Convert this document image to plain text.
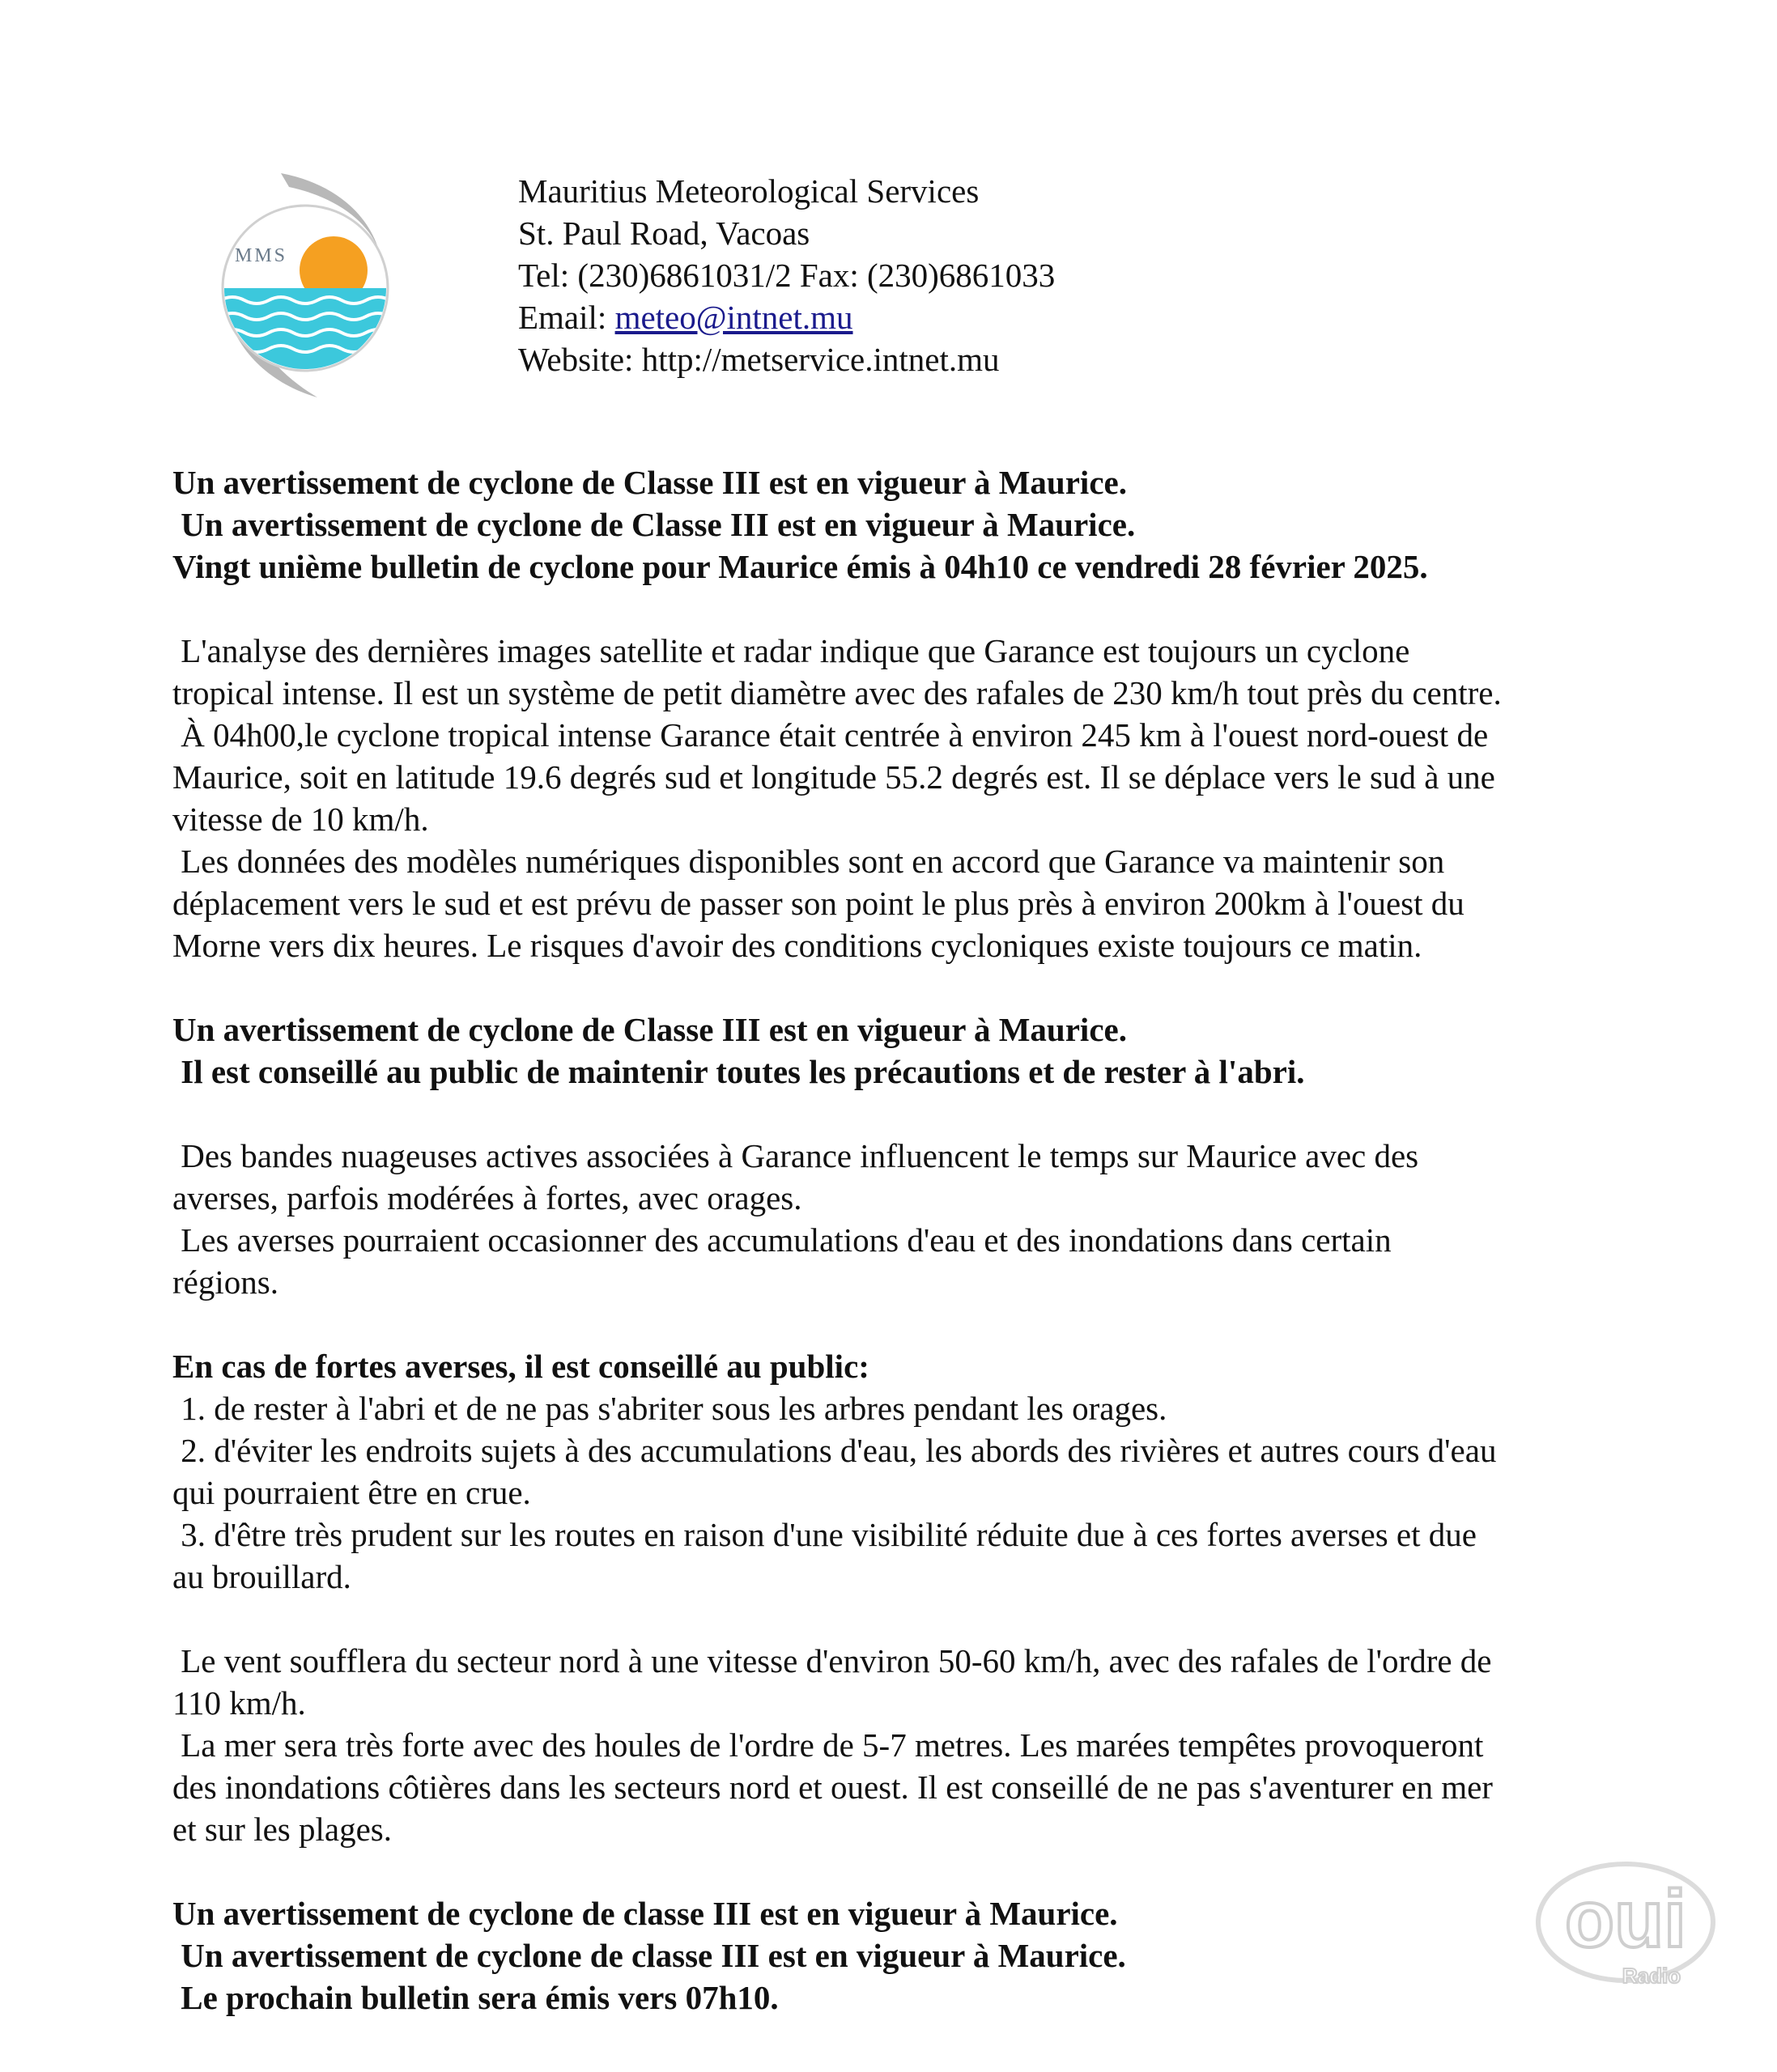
MMS
Mauritius Meteorological Services
St. Paul Road, Vacoas
Tel: (230)6861031/2 Fax: (230)6861033
Email: meteo@intnet.mu
Website: http://metservice.intnet.mu
Un avertissement de cyclone de Classe III est en vigueur à Maurice.
Un avertissement de cyclone de Classe III est en vigueur à Maurice.
Vingt unième bulletin de cyclone pour Maurice émis à 04h10 ce vendredi 28 février 2025.
L'analyse des dernières images satellite et radar indique que Garance est toujours un cyclone
tropical intense. Il est un système de petit diamètre avec des rafales de 230 km/h tout près du centre.
À 04h00,le cyclone tropical intense Garance était centrée à environ 245 km à l'ouest nord-ouest de
Maurice, soit en latitude 19.6 degrés sud et longitude 55.2 degrés est. Il se déplace vers le sud à une
vitesse de 10 km/h.
Les données des modèles numériques disponibles sont en accord que Garance va maintenir son
déplacement vers le sud et est prévu de passer son point le plus près à environ 200km à l'ouest du
Morne vers dix heures. Le risques d'avoir des conditions cycloniques existe toujours ce matin.
Un avertissement de cyclone de Classe III est en vigueur à Maurice.
Il est conseillé au public de maintenir toutes les précautions et de rester à l'abri.
Des bandes nuageuses actives associées à Garance influencent le temps sur Maurice avec des
averses, parfois modérées à fortes, avec orages.
Les averses pourraient occasionner des accumulations d'eau et des inondations dans certain
régions.
En cas de fortes averses, il est conseillé au public:
1. de rester à l'abri et de ne pas s'abriter sous les arbres pendant les orages.
2. d'éviter les endroits sujets à des accumulations d'eau, les abords des rivières et autres cours d'eau
qui pourraient être en crue.
3. d'être très prudent sur les routes en raison d'une visibilité réduite due à ces fortes averses et due
au brouillard.
Le vent soufflera du secteur nord à une vitesse d'environ 50-60 km/h, avec des rafales de l'ordre de
110 km/h.
La mer sera très forte avec des houles de l'ordre de 5-7 metres. Les marées tempêtes provoqueront
des inondations côtières dans les secteurs nord et ouest. Il est conseillé de ne pas s'aventurer en mer
et sur les plages.
Un avertissement de cyclone de classe III est en vigueur à Maurice.
Un avertissement de cyclone de classe III est en vigueur à Maurice.
Le prochain bulletin sera émis vers 07h10.
oui
Radio
